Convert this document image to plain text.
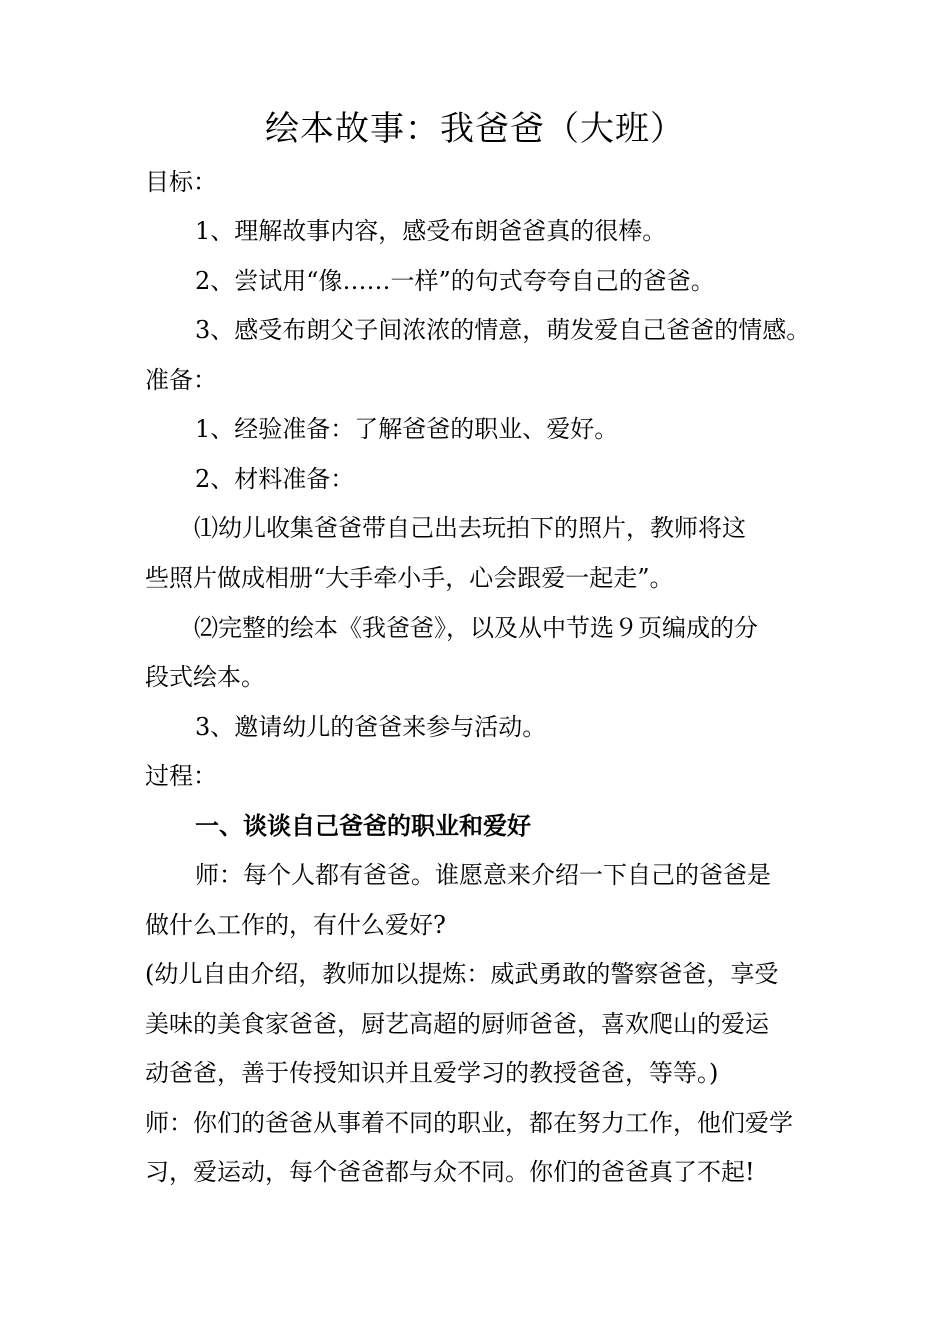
绘本故事：我爸爸（大班）
目标：
1、理解故事内容，感受布朗爸爸真的很棒。
2、尝试用“像……一样”的句式夸夸自己的爸爸。
3、感受布朗父子间浓浓的情意，萌发爱自己爸爸的情感。
准备：
1、经验准备：了解爸爸的职业、爱好。
2、材料准备：
⑴幼儿收集爸爸带自己出去玩拍下的照片，教师将这
些照片做成相册“大手牵小手，心会跟爱一起走”。
⑵完整的绘本《我爸爸》，以及从中节选９页编成的分
段式绘本。
3、邀请幼儿的爸爸来参与活动。
过程：
一、谈谈自己爸爸的职业和爱好
师：每个人都有爸爸。谁愿意来介绍一下自己的爸爸是
做什么工作的，有什么爱好?
(幼儿自由介绍，教师加以提炼：威武勇敢的警察爸爸，享受
美味的美食家爸爸，厨艺高超的厨师爸爸，喜欢爬山的爱运
动爸爸，善于传授知识并且爱学习的教授爸爸，等等。)
师：你们的爸爸从事着不同的职业，都在努力工作，他们爱学
习，爱运动，每个爸爸都与众不同。你们的爸爸真了不起!
